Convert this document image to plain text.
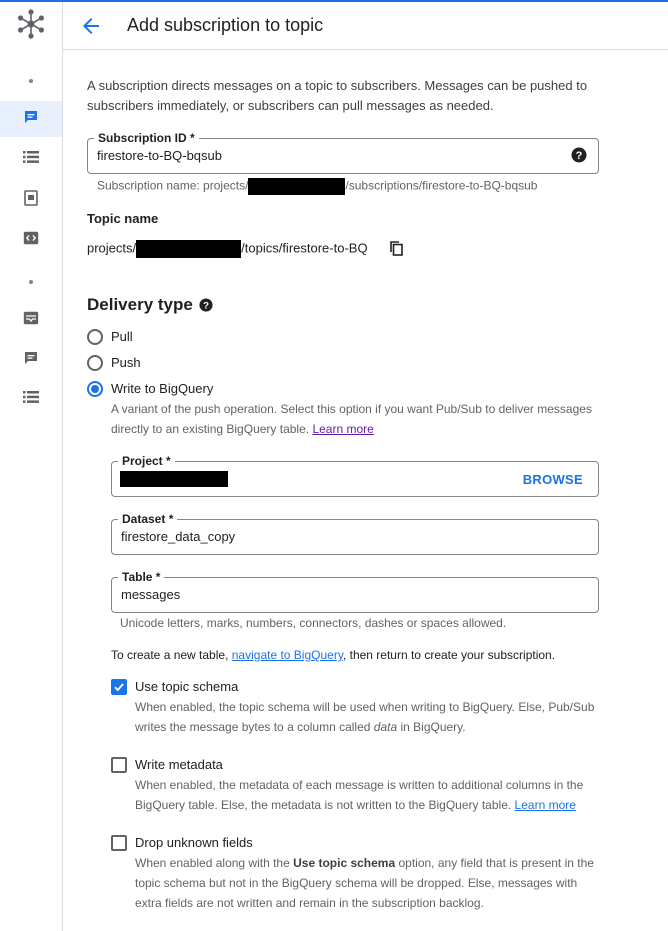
Add subscription to topic
A subscription directs messages on a topic to subscribers. Messages can be pushed to subscribers immediately, or subscribers can pull messages as needed.
Subscription ID *
firestore-to-BQ-bqsub	?
Subscription name: projects/	/subscriptions/firestore-to-BQ-bqsub
Topic name
projects/	/topics/firestore-to-BQ
Delivery type ?
Pull
Push
Write to BigQuery
A variant of the push operation. Select this option if you want Pub/Sub to deliver messages
directly to an existing BigQuery table. Learn more
Project *
BROWSE
Dataset *
firestore_data_copy
Table *
messages
Unicode letters, marks, numbers, connectors, dashes or spaces allowed.
To create a new table, navigate to BigQuery, then return to create your subscription.
Use topic schema
When enabled, the topic schema will be used when writing to BigQuery. Else, Pub/Sub
writes the message bytes to a column called data in BigQuery.
Write metadata
When enabled, the metadata of each message is written to additional columns in the
BigQuery table. Else, the metadata is not written to the BigQuery table. Learn more
Drop unknown fields
When enabled along with the Use topic schema option, any field that is present in the
topic schema but not in the BigQuery schema will be dropped. Else, messages with
extra fields are not written and remain in the subscription backlog.
